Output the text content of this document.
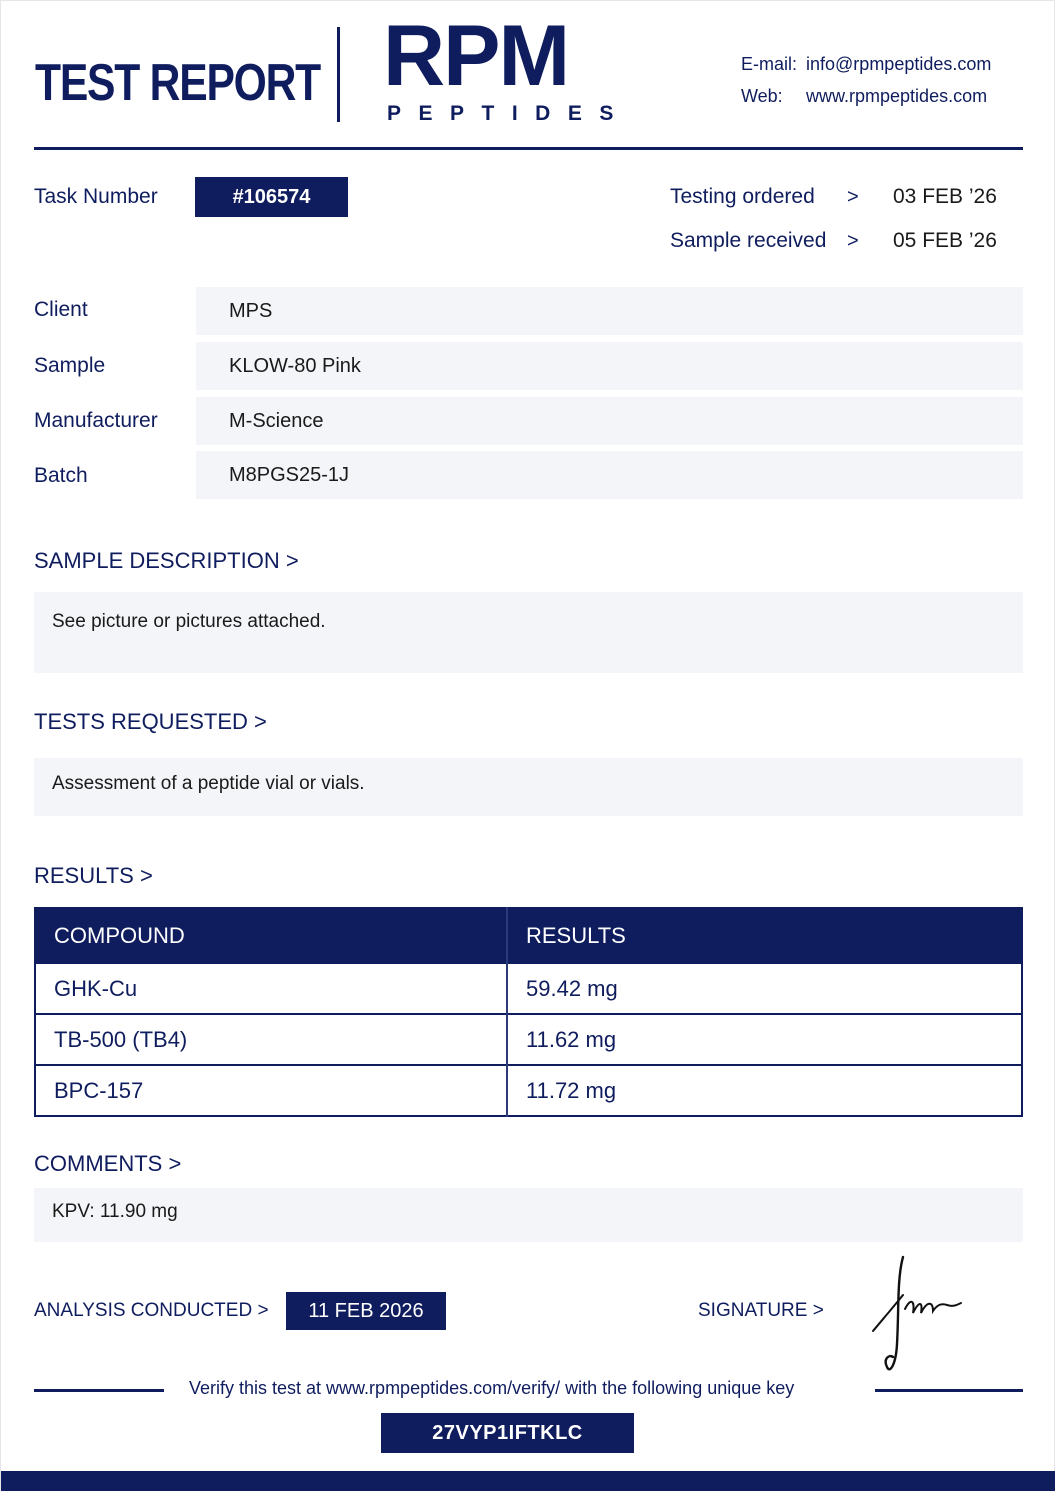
TEST REPORT RPM
PEPTIDES
E-mail: info@rpmpeptides.com
Web: www.rpmpeptides.com
Task Number	#106574	Testing ordered > 03 FEB ’26
Sample received > 05 FEB ’26
Client	MPS
Sample	KLOW-80 Pink
Manufacturer	M-Science
Batch	M8PGS25-1J
SAMPLE DESCRIPTION >
See picture or pictures attached.
TESTS REQUESTED >
Assessment of a peptide vial or vials.
RESULTS >
COMPOUND	RESULTS
GHK-Cu	59.42 mg
TB-500 (TB4)	11.62 mg
BPC-157	11.72 mg
COMMENTS >
KPV: 11.90 mg
ANALYSIS CONDUCTED >	11 FEB 2026	SIGNATURE >
Verify this test at www.rpmpeptides.com/verify/ with the following unique key
27VYP1IFTKLC
